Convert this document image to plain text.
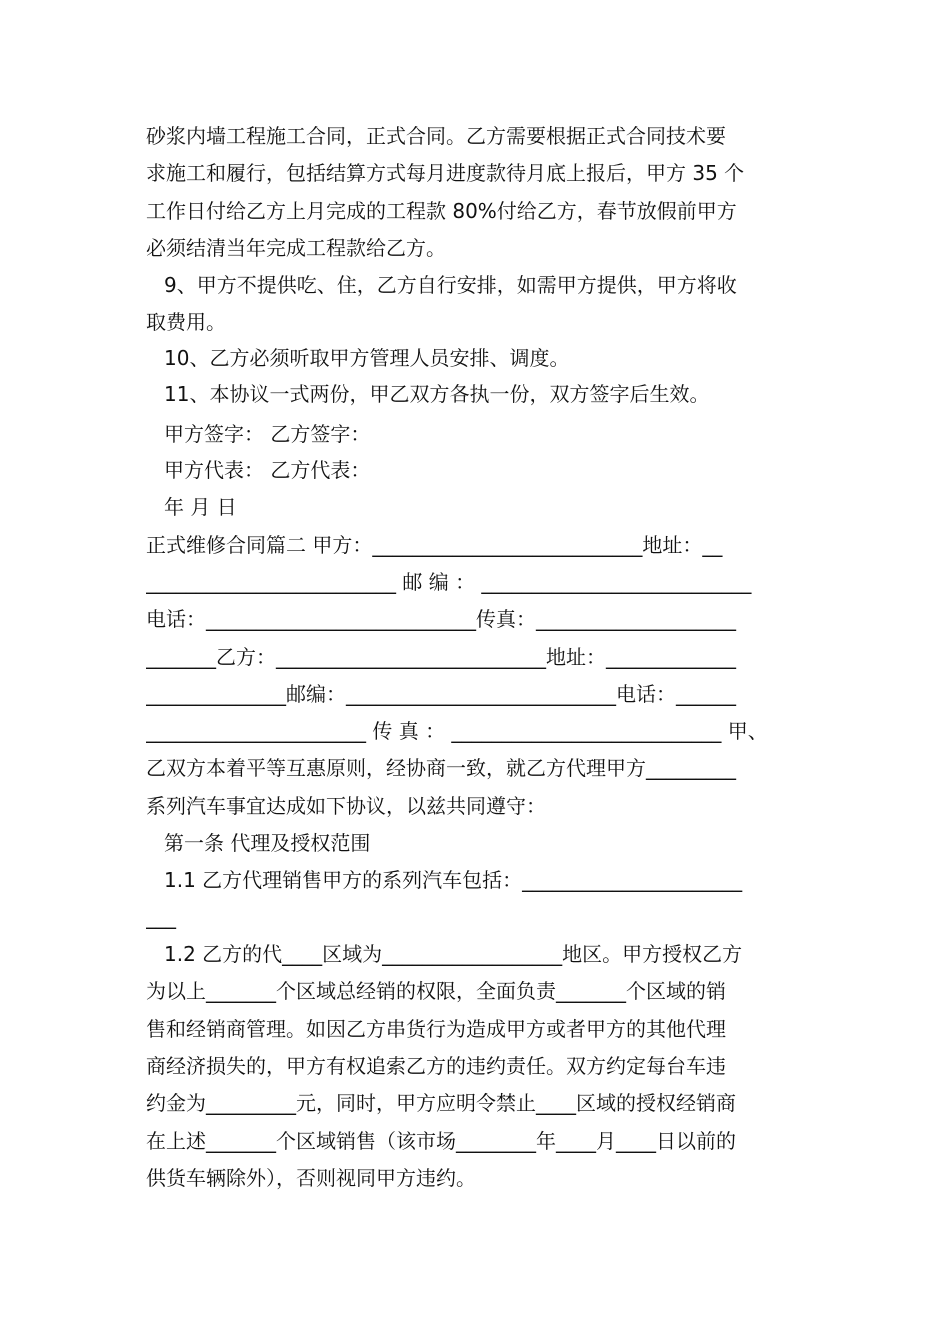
砂浆内墙工程施工合同，正式合同。乙方需要根据正式合同技术要
求施工和履行，包括结算方式每月进度款待月底上报后，甲方 35 个
工作日付给乙方上月完成的工程款 80%付给乙方，春节放假前甲方
必须结清当年完成工程款给乙方。
9、甲方不提供吃、住，乙方自行安排，如需甲方提供，甲方将收
取费用。
10、乙方必须听取甲方管理人员安排、调度。
11、本协议一式两份，甲乙双方各执一份，双方签字后生效。
甲方签字： 乙方签字：
甲方代表： 乙方代表：
年 月 日
正式维修合同篇二 甲方：___________________________地址：__
_________________________ 邮 编 ： ___________________________
电话：___________________________传真：____________________
_______乙方：___________________________地址：_____________
______________邮编：___________________________电话：______
______________________ 传 真 ： ___________________________ 甲、
乙双方本着平等互惠原则，经协商一致，就乙方代理甲方_________
系列汽车事宜达成如下协议，以兹共同遵守：
第一条 代理及授权范围
1.1 乙方代理销售甲方的系列汽车包括：______________________
___
1.2 乙方的代____区域为__________________地区。甲方授权乙方
为以上_______个区域总经销的权限，全面负责_______个区域的销
售和经销商管理。如因乙方串货行为造成甲方或者甲方的其他代理
商经济损失的，甲方有权追索乙方的违约责任。双方约定每台车违
约金为_________元，同时，甲方应明令禁止____区域的授权经销商
在上述_______个区域销售（该市场________年____月____日以前的
供货车辆除外），否则视同甲方违约。
